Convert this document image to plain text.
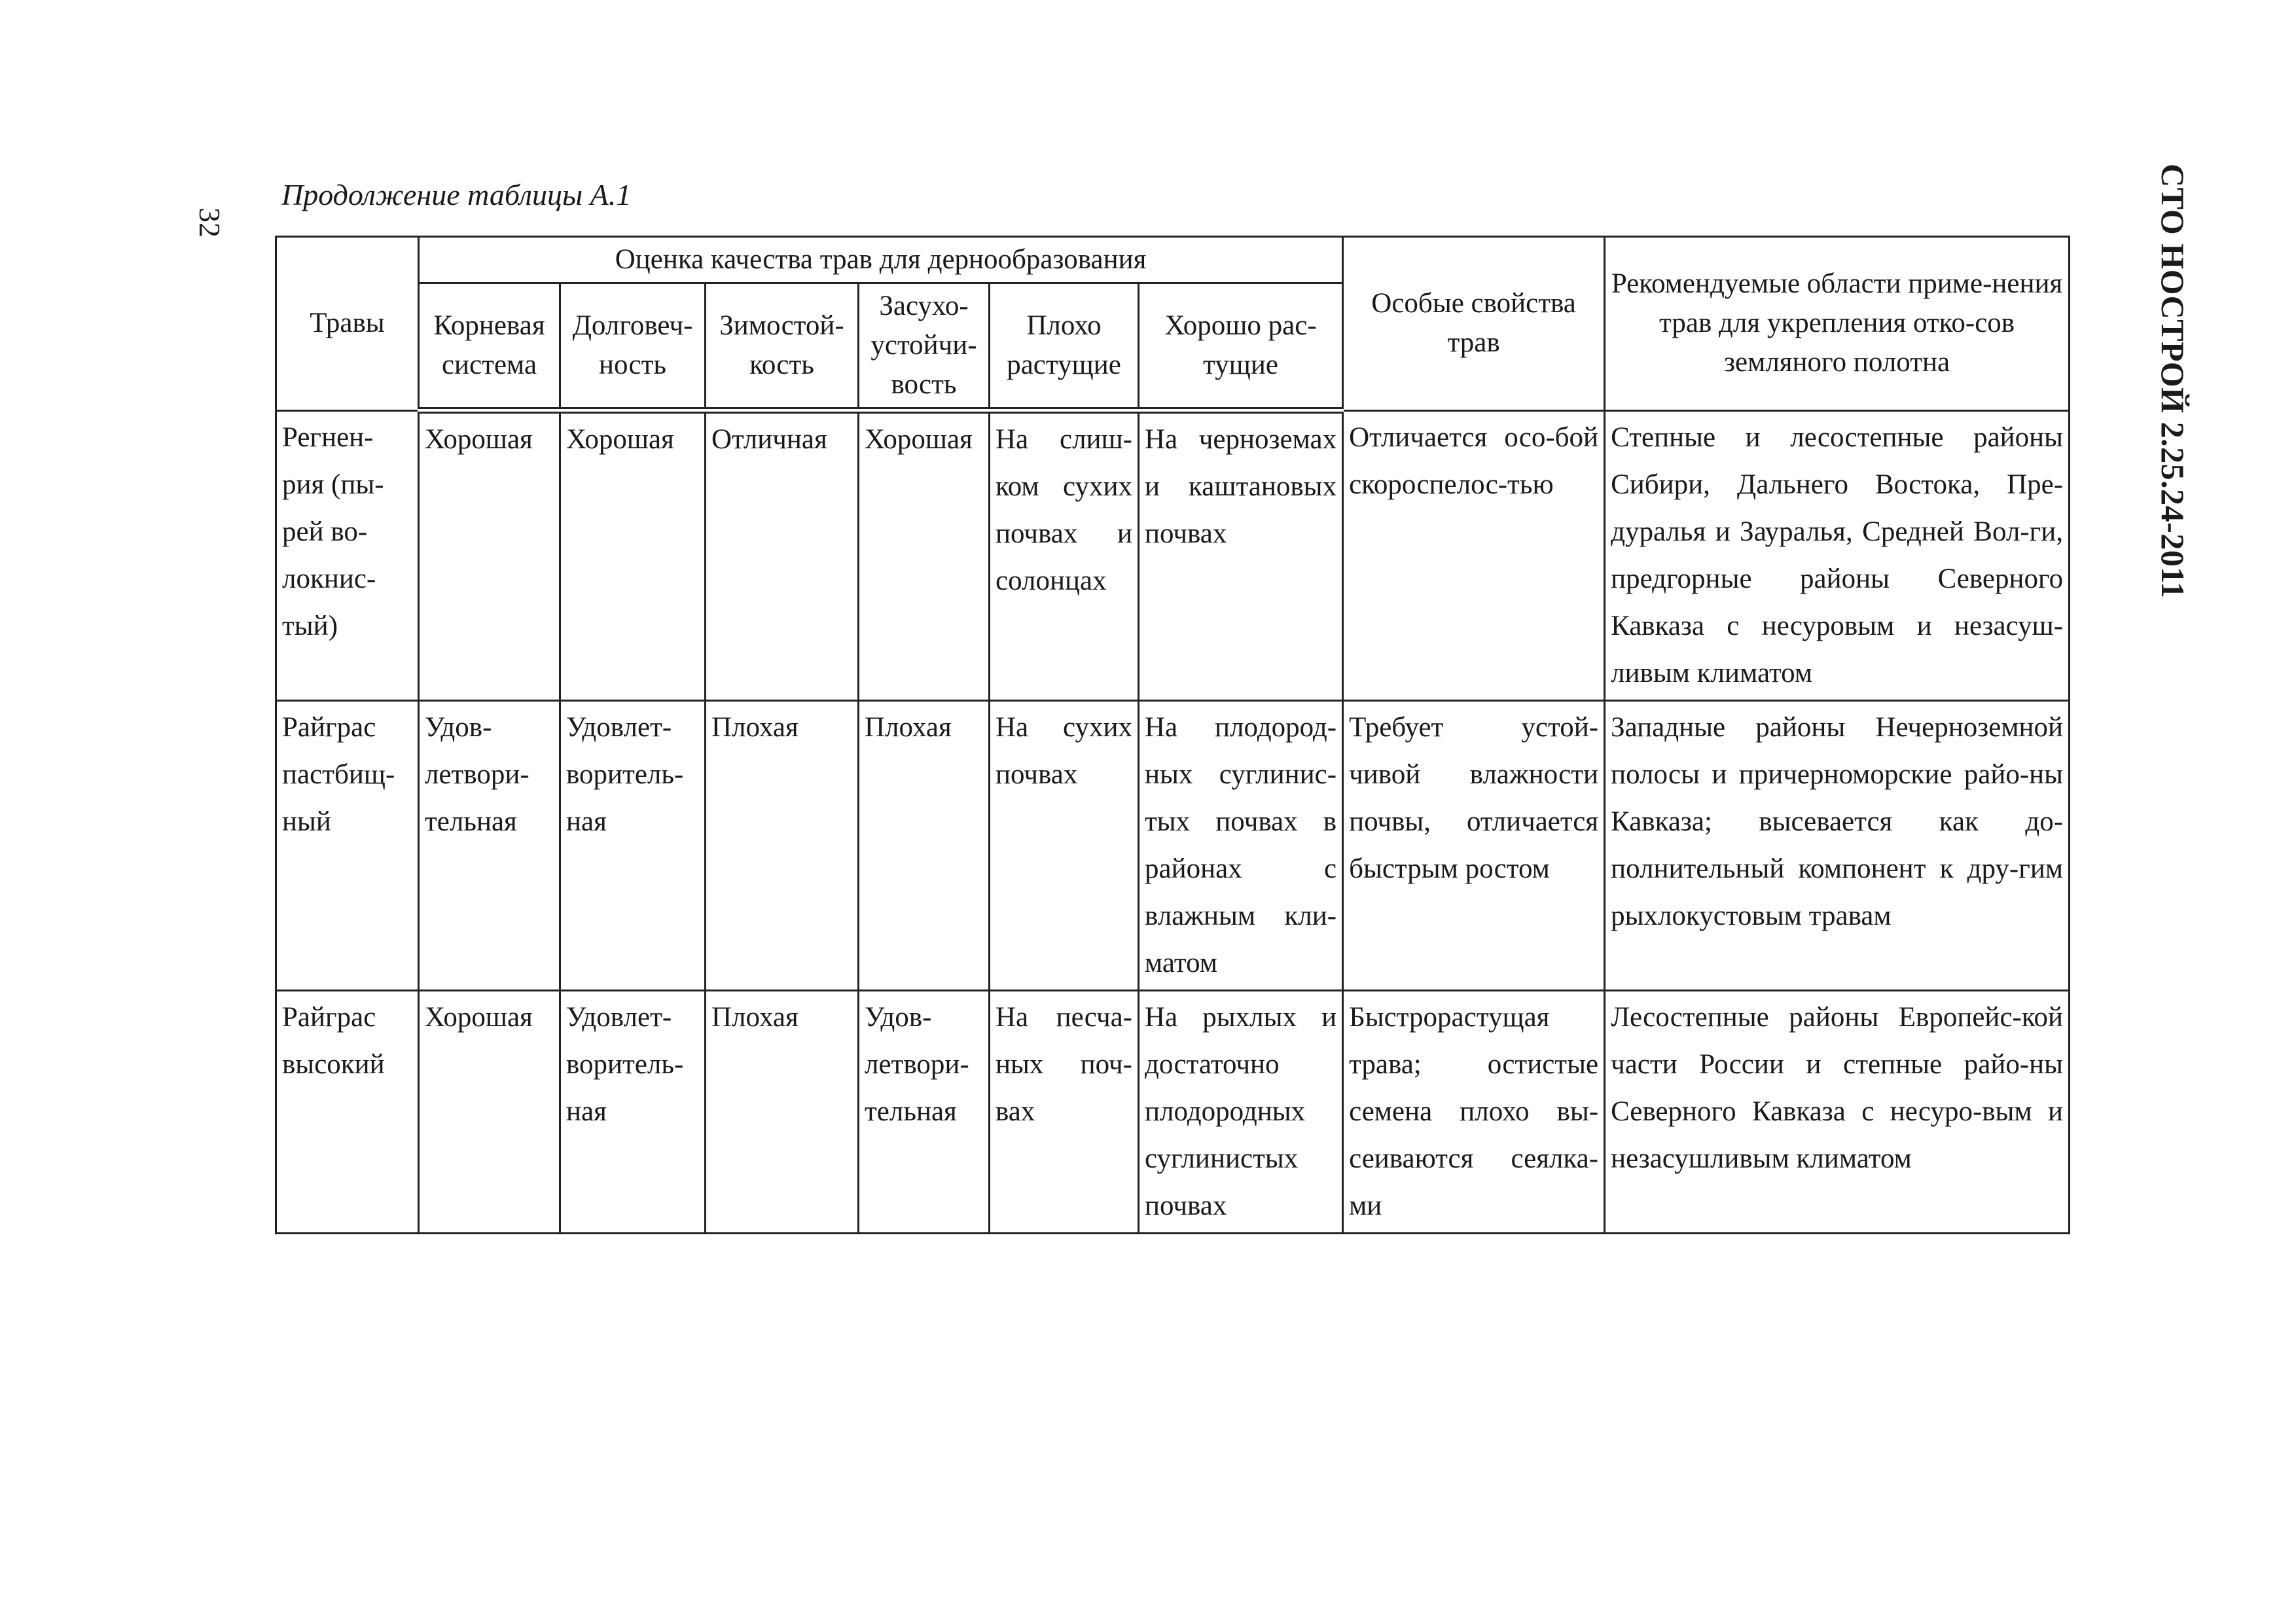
32	СТО НОСТРОЙ 2.25.24-2011
Продолжение таблицы А.1
Травы	Оценка качества трав для дернообразования						Особые свойства трав	Рекомендуемые области приме-нения трав для укрепления отко-сов земляного полотна
	Корневая система	Долговеч-ность	Зимостой-кость	Засухо-устойчи-вость	Плохо растущие	Хорошо рас-тущие		
Регнен-рия (пы-рей во-локнис-тый)	Хорошая	Хорошая	Отличная	Хорошая	На слиш-ком сухих почвах и солонцах	На черноземах и каштановых почвах	Отличается осо-бой скороспелос-тью	Степные и лесостепные районы Сибири, Дальнего Востока, Пре-дуралья и Зауралья, Средней Вол-ги, предгорные районы Северного Кавказа с несуровым и незасуш-ливым климатом
Райграс пастбищ-ный	Удов-летвори-тельная	Удовлет-воритель-ная	Плохая	Плохая	На сухих почвах	На плодород-ных суглинис-тых почвах в районах с влажным кли-матом	Требует устой-чивой влажности почвы, отличается быстрым ростом	Западные районы Нечерноземной полосы и причерноморские райо-ны Кавказа; высевается как до-полнительный компонент к дру-гим рыхлокустовым травам
Райграс высокий	Хорошая	Удовлет-воритель-ная	Плохая	Удов-летвори-тельная	На песча-ных поч-вах	На рыхлых и достаточно плодородных суглинистых почвах	Быстрорастущая трава; остистые семена плохо вы-сеиваются сеялка-ми	Лесостепные районы Европейс-кой части России и степные райо-ны Северного Кавказа с несуро-вым и незасушливым климатом
